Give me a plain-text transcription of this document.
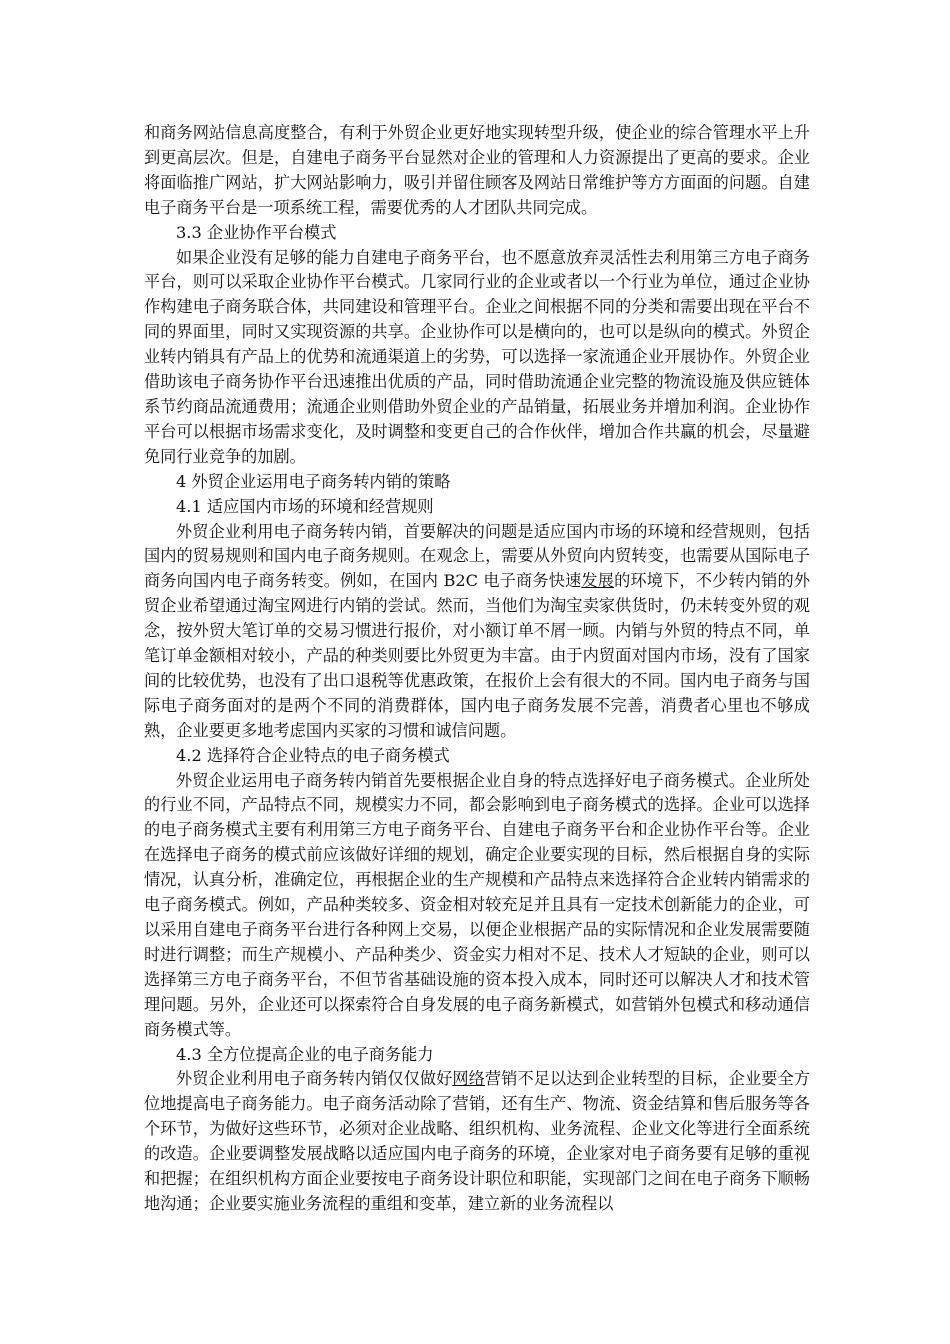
和商务网站信息高度整合，有利于外贸企业更好地实现转型升级，使企业的综合管理水平上升到更高层次。但是，自建电子商务平台显然对企业的管理和人力资源提出了更高的要求。企业将面临推广网站，扩大网站影响力，吸引并留住顾客及网站日常维护等方方面面的问题。自建电子商务平台是一项系统工程，需要优秀的人才团队共同完成。

3.3 企业协作平台模式

如果企业没有足够的能力自建电子商务平台，也不愿意放弃灵活性去利用第三方电子商务平台，则可以采取企业协作平台模式。几家同行业的企业或者以一个行业为单位，通过企业协作构建电子商务联合体，共同建设和管理平台。企业之间根据不同的分类和需要出现在平台不同的界面里，同时又实现资源的共享。企业协作可以是横向的，也可以是纵向的模式。外贸企业转内销具有产品上的优势和流通渠道上的劣势，可以选择一家流通企业开展协作。外贸企业借助该电子商务协作平台迅速推出优质的产品，同时借助流通企业完整的物流设施及供应链体系节约商品流通费用；流通企业则借助外贸企业的产品销量，拓展业务并增加利润。企业协作平台可以根据市场需求变化，及时调整和变更自己的合作伙伴，增加合作共赢的机会，尽量避免同行业竞争的加剧。

4 外贸企业运用电子商务转内销的策略

4.1 适应国内市场的环境和经营规则

外贸企业利用电子商务转内销，首要解决的问题是适应国内市场的环境和经营规则，包括国内的贸易规则和国内电子商务规则。在观念上，需要从外贸向内贸转变，也需要从国际电子商务向国内电子商务转变。例如，在国内 B2C 电子商务快速发展的环境下，不少转内销的外贸企业希望通过淘宝网进行内销的尝试。然而，当他们为淘宝卖家供货时，仍未转变外贸的观念，按外贸大笔订单的交易习惯进行报价，对小额订单不屑一顾。内销与外贸的特点不同，单笔订单金额相对较小，产品的种类则要比外贸更为丰富。由于内贸面对国内市场，没有了国家间的比较优势，也没有了出口退税等优惠政策，在报价上会有很大的不同。国内电子商务与国际电子商务面对的是两个不同的消费群体，国内电子商务发展不完善，消费者心里也不够成熟，企业要更多地考虑国内买家的习惯和诚信问题。

4.2 选择符合企业特点的电子商务模式

外贸企业运用电子商务转内销首先要根据企业自身的特点选择好电子商务模式。企业所处的行业不同，产品特点不同，规模实力不同，都会影响到电子商务模式的选择。企业可以选择的电子商务模式主要有利用第三方电子商务平台、自建电子商务平台和企业协作平台等。企业在选择电子商务的模式前应该做好详细的规划，确定企业要实现的目标，然后根据自身的实际情况，认真分析，准确定位，再根据企业的生产规模和产品特点来选择符合企业转内销需求的电子商务模式。例如，产品种类较多、资金相对较充足并且具有一定技术创新能力的企业，可以采用自建电子商务平台进行各种网上交易，以便企业根据产品的实际情况和企业发展需要随时进行调整；而生产规模小、产品种类少、资金实力相对不足、技术人才短缺的企业，则可以选择第三方电子商务平台，不但节省基础设施的资本投入成本，同时还可以解决人才和技术管理问题。另外，企业还可以探索符合自身发展的电子商务新模式，如营销外包模式和移动通信商务模式等。

4.3 全方位提高企业的电子商务能力

外贸企业利用电子商务转内销仅仅做好网络营销不足以达到企业转型的目标，企业要全方位地提高电子商务能力。电子商务活动除了营销，还有生产、物流、资金结算和售后服务等各个环节，为做好这些环节，必须对企业战略、组织机构、业务流程、企业文化等进行全面系统的改造。企业要调整发展战略以适应国内电子商务的环境，企业家对电子商务要有足够的重视和把握；在组织机构方面企业要按电子商务设计职位和职能，实现部门之间在电子商务下顺畅地沟通；企业要实施业务流程的重组和变革，建立新的业务流程以
